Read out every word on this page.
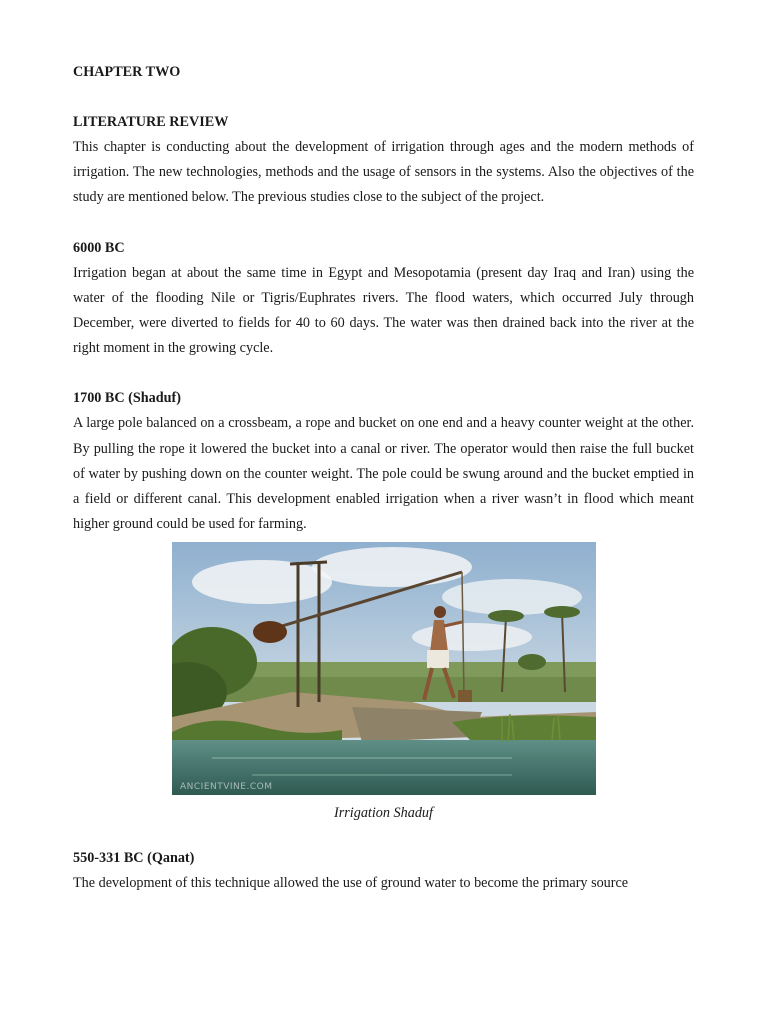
CHAPTER TWO

LITERATURE REVIEW

This chapter is conducting about the development of irrigation through ages and the modern methods of irrigation. The new technologies, methods and the usage of sensors in the systems. Also the objectives of the study are mentioned below. The previous studies close to the subject of the project.

6000 BC

Irrigation began at about the same time in Egypt and Mesopotamia (present day Iraq and Iran) using the water of the flooding Nile or Tigris/Euphrates rivers. The flood waters, which occurred July through December, were diverted to fields for 40 to 60 days. The water was then drained back into the river at the right moment in the growing cycle.

1700 BC (Shaduf)

A large pole balanced on a crossbeam, a rope and bucket on one end and a heavy counter weight at the other. By pulling the rope it lowered the bucket into a canal or river. The operator would then raise the full bucket of water by pushing down on the counter weight. The pole could be swung around and the bucket emptied in a field or different canal. This development enabled irrigation when a river wasn’t in flood which meant higher ground could be used for farming.

ANCIENTVINE.COM
Irrigation Shaduf

550-331 BC (Qanat)

The development of this technique allowed the use of ground water to become the primary source
